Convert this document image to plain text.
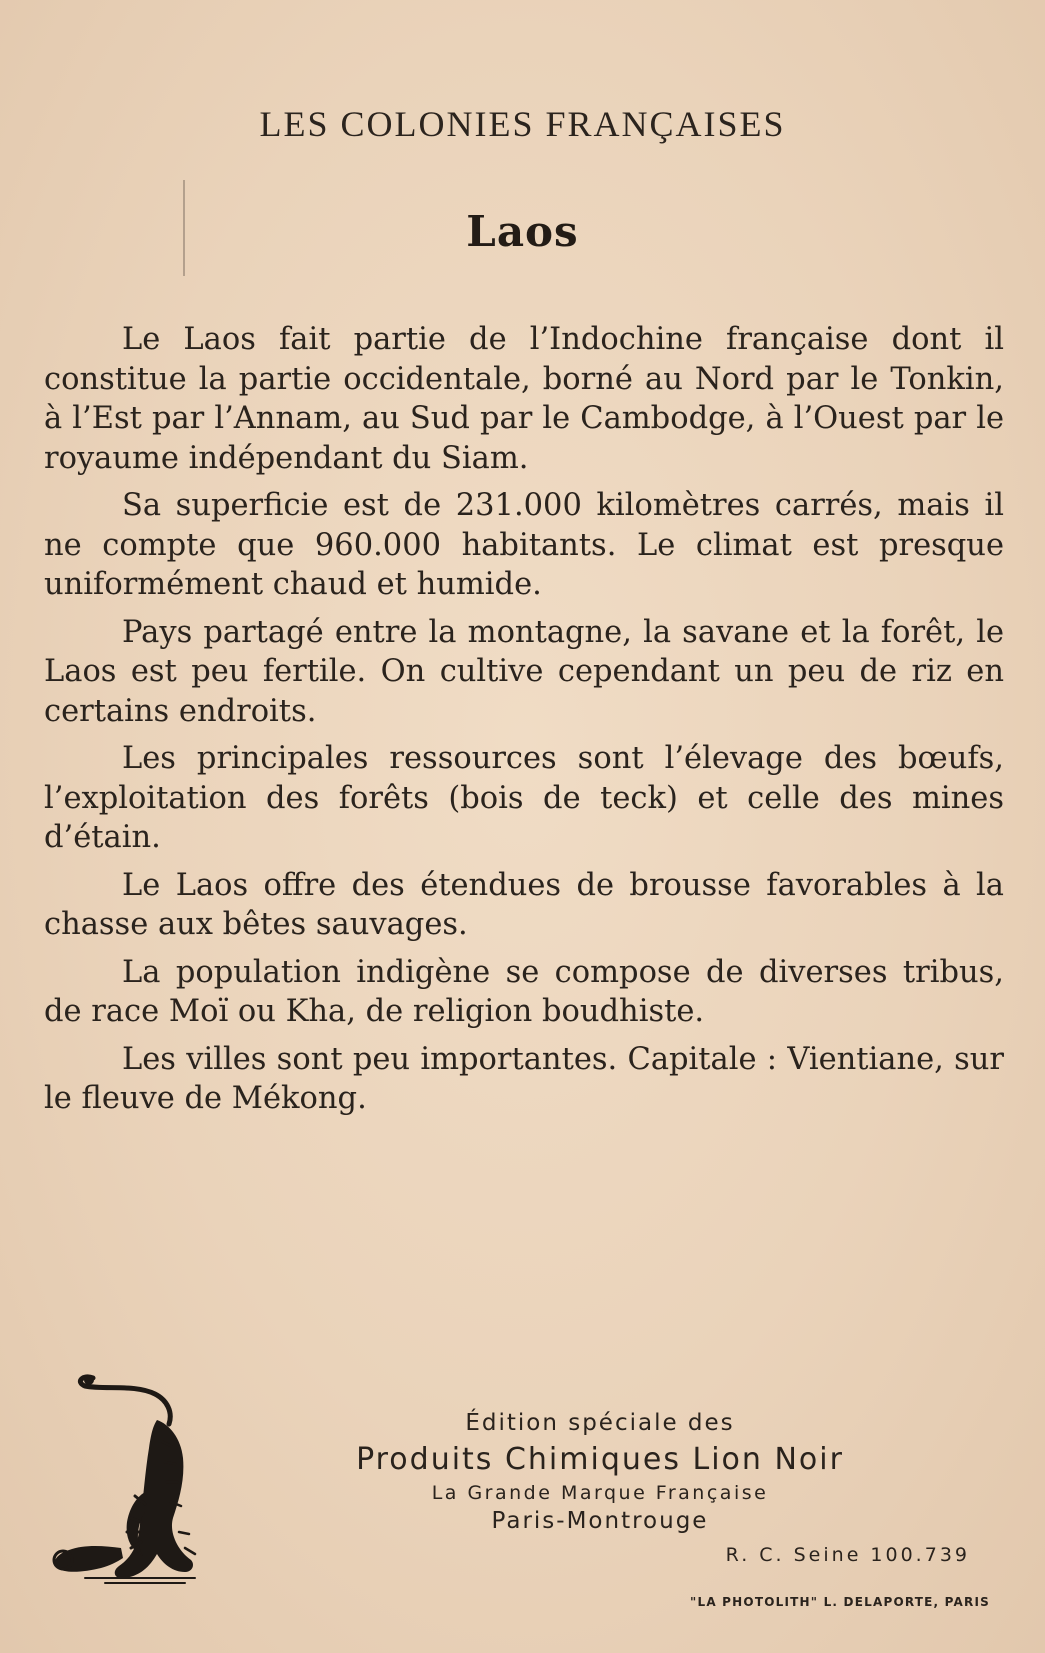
LES COLONIES FRANÇAISES
Laos

Le Laos fait partie de l’Indochine française dont il constitue la partie occidentale, borné au Nord par le Tonkin, à l’Est par l’Annam, au Sud par le Cambodge, à l’Ouest par le royaume indépendant du Siam.

Sa superficie est de 231.000 kilomètres carrés, mais il ne compte que 960.000 habitants. Le climat est presque uniformément chaud et humide.

Pays partagé entre la montagne, la savane et la forêt, le Laos est peu fertile. On cultive cependant un peu de riz en certains endroits.

Les principales ressources sont l’élevage des bœufs, l’exploitation des forêts (bois de teck) et celle des mines d’étain.

Le Laos offre des étendues de brousse favorables à la chasse aux bêtes sauvages.

La population indigène se compose de diverses tribus, de race Moï ou Kha, de religion boudhiste.

Les villes sont peu importantes. Capitale : Vientiane, sur le fleuve de Mékong.

Édition spéciale des
Produits Chimiques Lion Noir
La Grande Marque Française
Paris-Montrouge
R. C. Seine 100.739
"LA PHOTOLITH" L. DELAPORTE, PARIS
